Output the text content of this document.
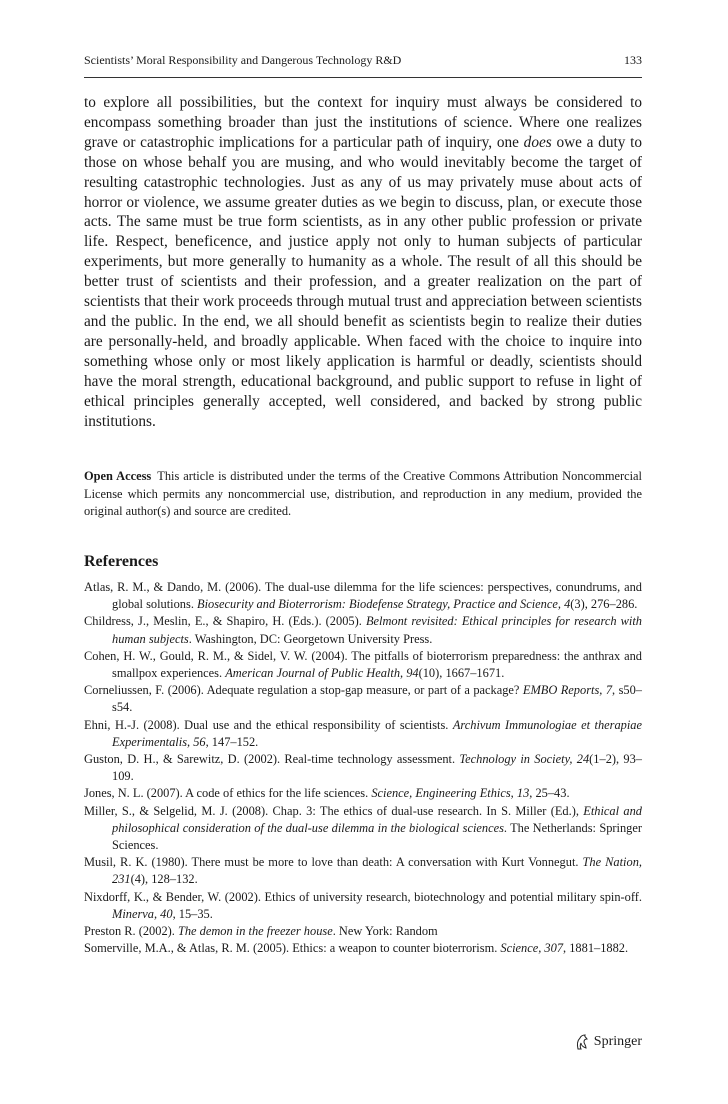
Scientists’ Moral Responsibility and Dangerous Technology R&D	133

to explore all possibilities, but the context for inquiry must always be considered to encompass something broader than just the institutions of science. Where one realizes grave or catastrophic implications for a particular path of inquiry, one does owe a duty to those on whose behalf you are musing, and who would inevitably become the target of resulting catastrophic technologies. Just as any of us may privately muse about acts of horror or violence, we assume greater duties as we begin to discuss, plan, or execute those acts. The same must be true form scientists, as in any other public profession or private life. Respect, beneficence, and justice apply not only to human subjects of particular experiments, but more generally to humanity as a whole. The result of all this should be better trust of scientists and their profession, and a greater realization on the part of scientists that their work proceeds through mutual trust and appreciation between scientists and the public. In the end, we all should benefit as scientists begin to realize their duties are personally-held, and broadly applicable. When faced with the choice to inquire into something whose only or most likely application is harmful or deadly, scientists should have the moral strength, educational background, and public support to refuse in light of ethical principles generally accepted, well considered, and backed by strong public institutions.

Open Access This article is distributed under the terms of the Creative Commons Attribution Noncommercial License which permits any noncommercial use, distribution, and reproduction in any medium, provided the original author(s) and source are credited.

References
Atlas, R. M., & Dando, M. (2006). The dual-use dilemma for the life sciences: perspectives, conundrums, and global solutions. Biosecurity and Bioterrorism: Biodefense Strategy, Practice and Science, 4(3), 276–286.
Childress, J., Meslin, E., & Shapiro, H. (Eds.). (2005). Belmont revisited: Ethical principles for research with human subjects. Washington, DC: Georgetown University Press.
Cohen, H. W., Gould, R. M., & Sidel, V. W. (2004). The pitfalls of bioterrorism preparedness: the anthrax and smallpox experiences. American Journal of Public Health, 94(10), 1667–1671.
Corneliussen, F. (2006). Adequate regulation a stop-gap measure, or part of a package? EMBO Reports, 7, s50–s54.
Ehni, H.-J. (2008). Dual use and the ethical responsibility of scientists. Archivum Immunologiae et therapiae Experimentalis, 56, 147–152.
Guston, D. H., & Sarewitz, D. (2002). Real-time technology assessment. Technology in Society, 24(1–2), 93–109.
Jones, N. L. (2007). A code of ethics for the life sciences. Science, Engineering Ethics, 13, 25–43.
Miller, S., & Selgelid, M. J. (2008). Chap. 3: The ethics of dual-use research. In S. Miller (Ed.), Ethical and philosophical consideration of the dual-use dilemma in the biological sciences. The Netherlands: Springer Sciences.
Musil, R. K. (1980). There must be more to love than death: A conversation with Kurt Vonnegut. The Nation, 231(4), 128–132.
Nixdorff, K., & Bender, W. (2002). Ethics of university research, biotechnology and potential military spin-off. Minerva, 40, 15–35.
Preston R. (2002). The demon in the freezer house. New York: Random
Somerville, M.A., & Atlas, R. M. (2005). Ethics: a weapon to counter bioterrorism. Science, 307, 1881–1882.
Springer
